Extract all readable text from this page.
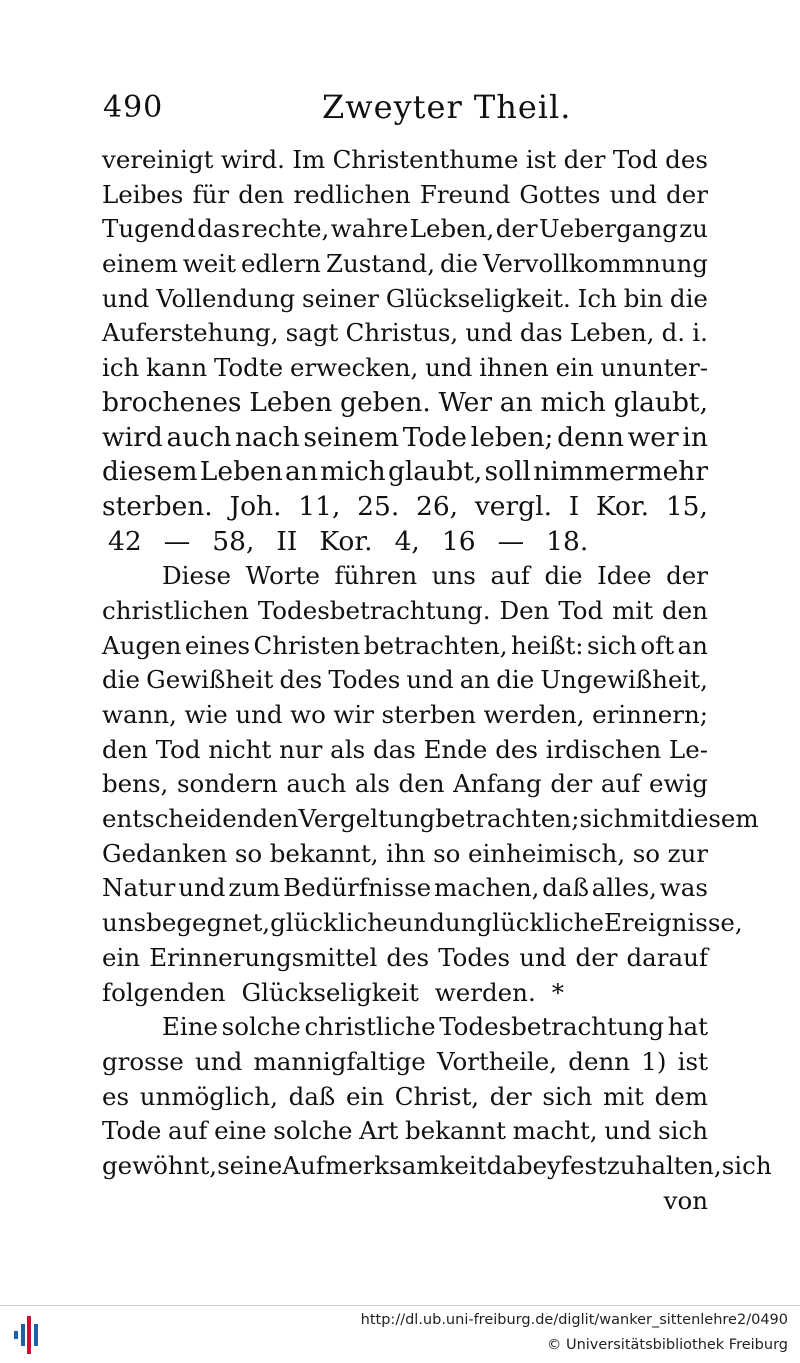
490	Zweyter Theil.
vereinigt wird. Im Christenthume ist der Tod des
Leibes für den redlichen Freund Gottes und der
Tugend das rechte, wahre Leben, der Uebergang zu
einem weit edlern Zustand, die Vervollkommnung
und Vollendung seiner Glückseligkeit. Ich bin die
Auferstehung, sagt Christus, und das Leben, d. i.
ich kann Todte erwecken, und ihnen ein ununter-
brochenes Leben geben. Wer an mich glaubt,
wird auch nach seinem Tode leben; denn wer in
diesem Leben an mich glaubt, soll nimmermehr
sterben. Joh. 11, 25. 26, vergl. I Kor. 15,
42 — 58, II Kor. 4, 16 — 18.
Diese Worte führen uns auf die Idee der
christlichen Todesbetrachtung. Den Tod mit den
Augen eines Christen betrachten, heißt: sich oft an
die Gewißheit des Todes und an die Ungewißheit,
wann, wie und wo wir sterben werden, erinnern;
den Tod nicht nur als das Ende des irdischen Le-
bens, sondern auch als den Anfang der auf ewig
entscheidenden Vergeltung betrachten; sich mit diesem
Gedanken so bekannt, ihn so einheimisch, so zur
Natur und zum Bedürfnisse machen, daß alles, was
uns begegnet, glückliche und unglückliche Ereignisse,
ein Erinnerungsmittel des Todes und der darauf
folgenden Glückseligkeit werden. *
Eine solche christliche Todesbetrachtung hat
grosse und mannigfaltige Vortheile, denn 1) ist
es unmöglich, daß ein Christ, der sich mit dem
Tode auf eine solche Art bekannt macht, und sich
gewöhnt, seine Aufmerksamkeit dabey festzuhalten, sich
von
http://dl.ub.uni-freiburg.de/diglit/wanker_sittenlehre2/0490
© Universitätsbibliothek Freiburg
